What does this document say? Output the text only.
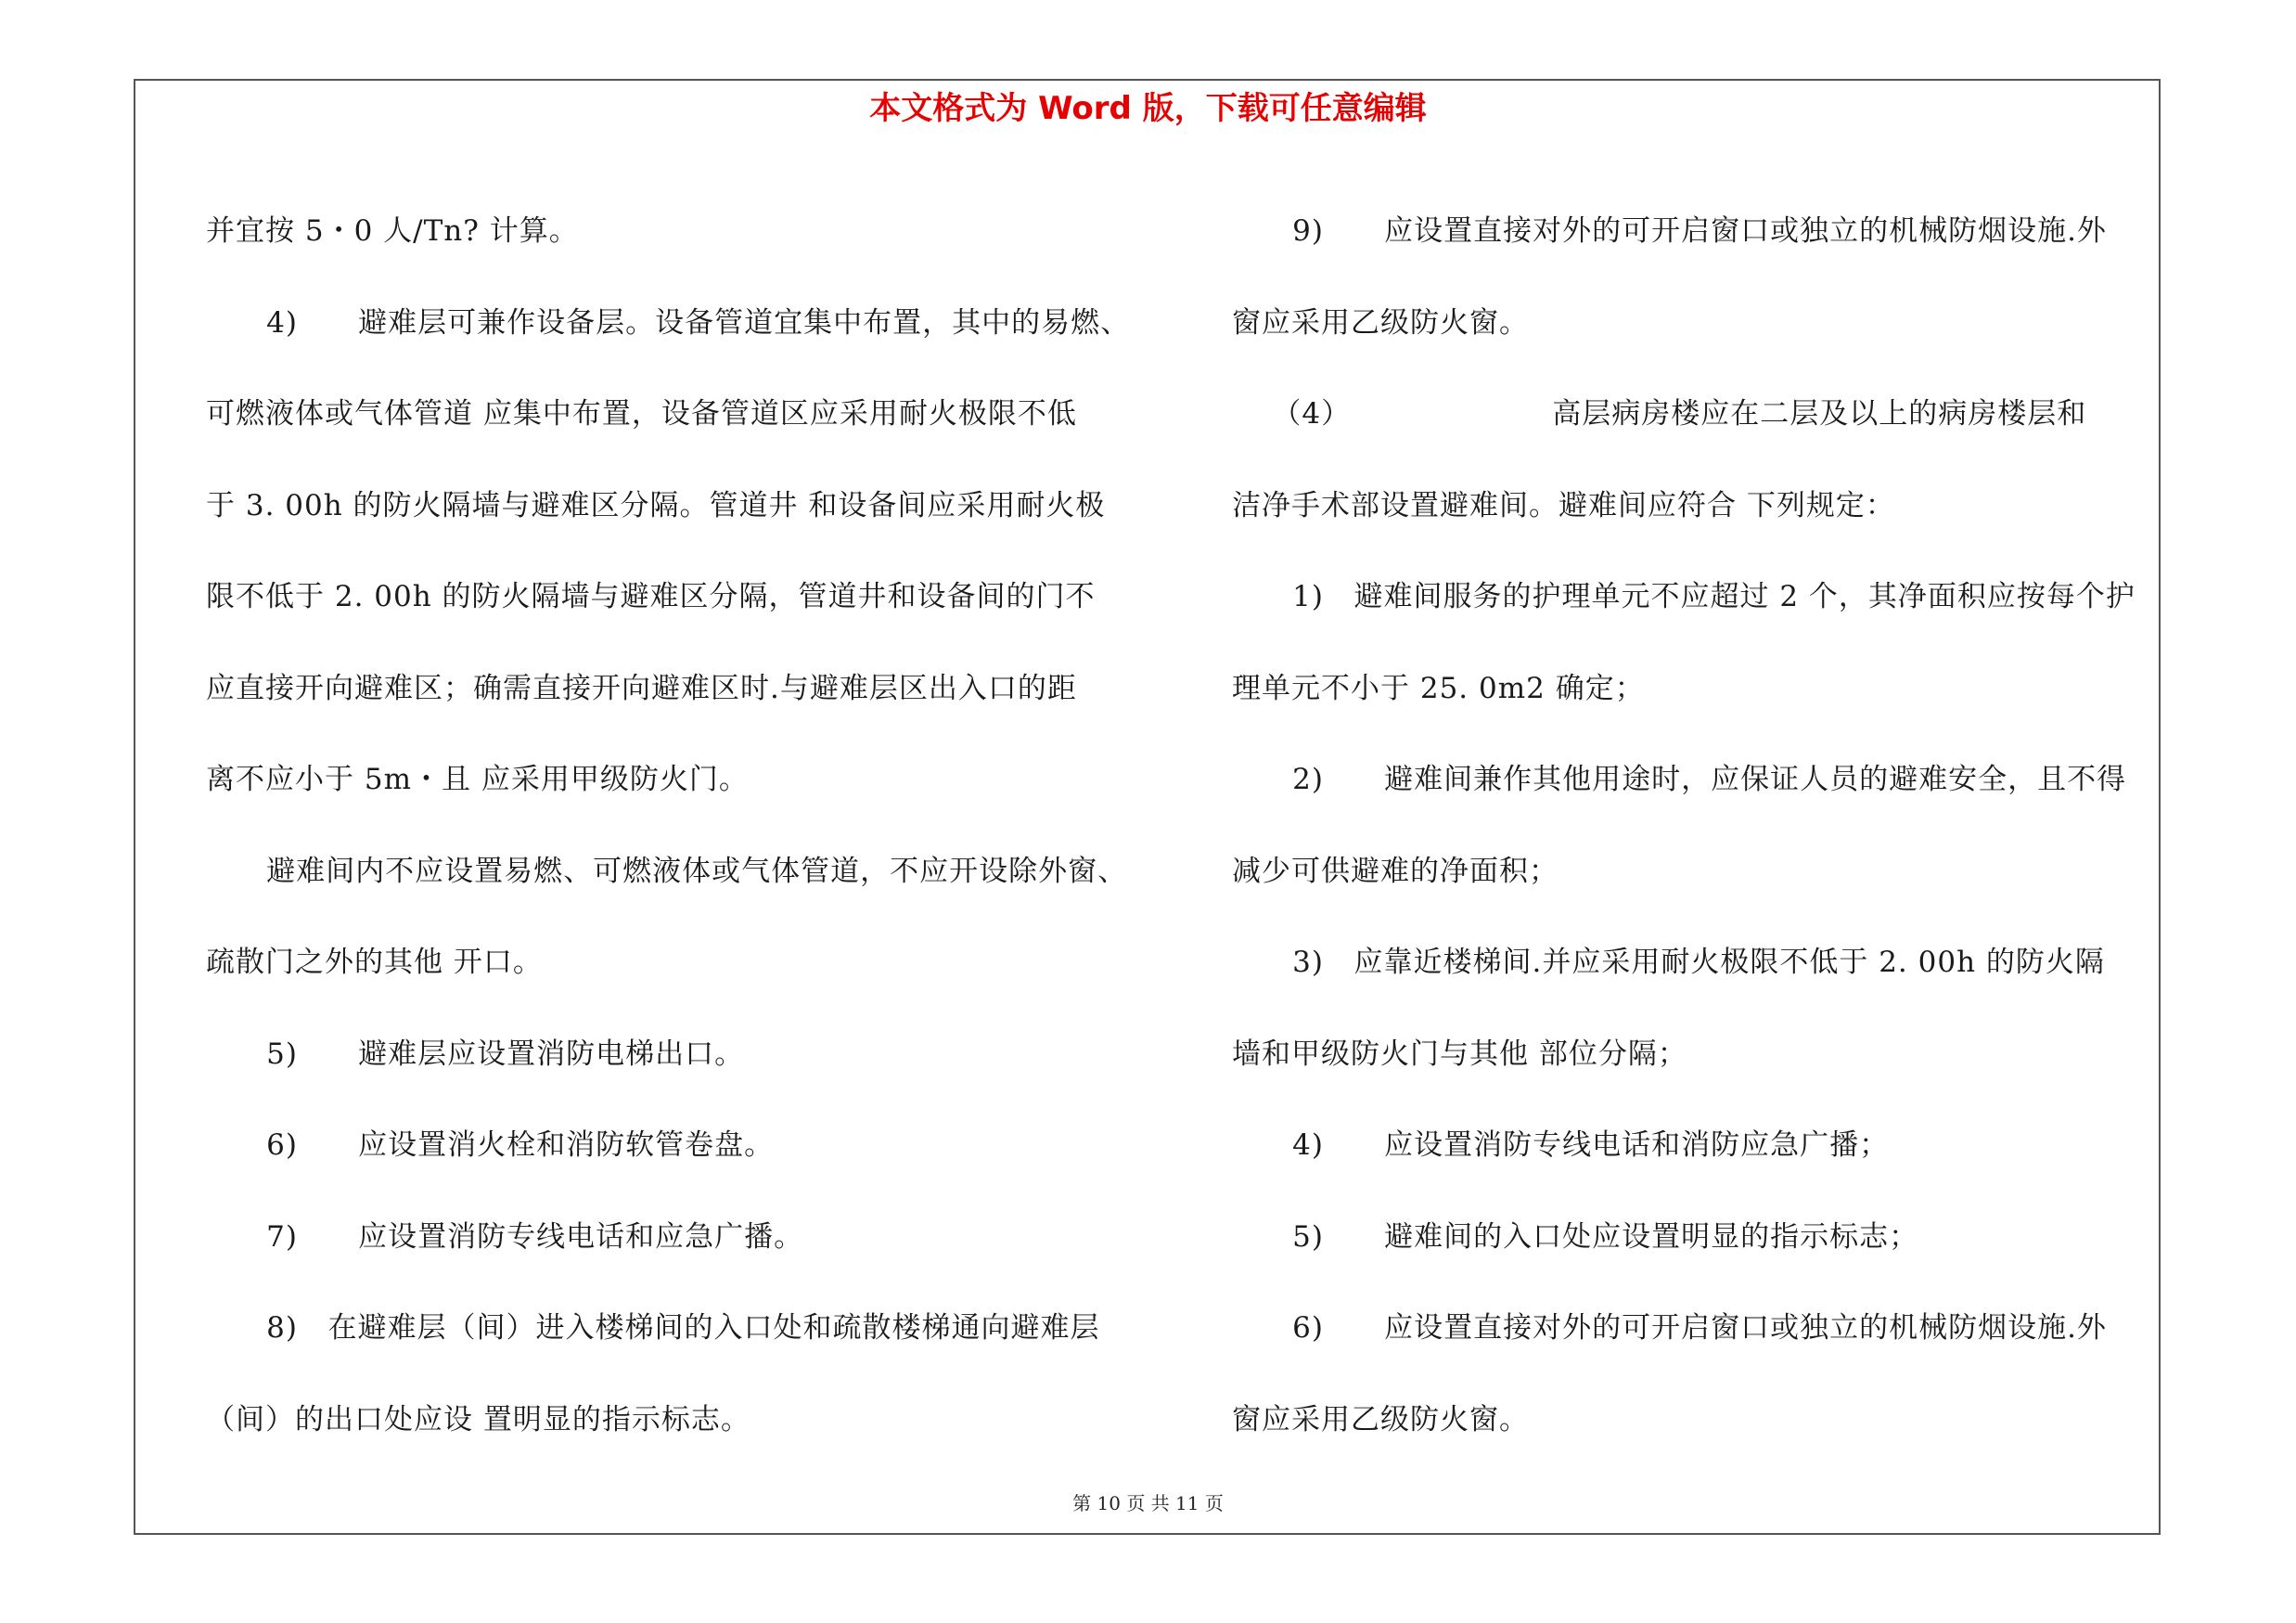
本文格式为 Word 版，下载可任意编辑
并宜按 5・0 人/Tn? 计算。
4)      避难层可兼作设备层。设备管道宜集中布置，其中的易燃、
可燃液体或气体管道 应集中布置，设备管道区应采用耐火极限不低
于 3. 00h 的防火隔墙与避难区分隔。管道井 和设备间应采用耐火极
限不低于 2. 00h 的防火隔墙与避难区分隔，管道井和设备间的门不
应直接开向避难区；确需直接开向避难区时.与避难层区出入口的距
离不应小于 5m・且 应采用甲级防火门。
避难间内不应设置易燃、可燃液体或气体管道，不应开设除外窗、
疏散门之外的其他 开口。
5)      避难层应设置消防电梯出口。
6)      应设置消火栓和消防软管卷盘。
7)      应设置消防专线电话和应急广播。
8)   在避难层（间）进入楼梯间的入口处和疏散楼梯通向避难层
（间）的出口处应设 置明显的指示标志。
9)      应设置直接对外的可开启窗口或独立的机械防烟设施.外
窗应采用乙级防火窗。
（4）                    高层病房楼应在二层及以上的病房楼层和
洁净手术部设置避难间。避难间应符合 下列规定：
1)   避难间服务的护理单元不应超过 2 个，其净面积应按每个护
理单元不小于 25. 0m2 确定；
2)      避难间兼作其他用途时，应保证人员的避难安全，且不得
减少可供避难的净面积；
3)   应靠近楼梯间.并应采用耐火极限不低于 2. 00h 的防火隔
墙和甲级防火门与其他 部位分隔；
4)      应设置消防专线电话和消防应急广播；
5)      避难间的入口处应设置明显的指示标志；
6)      应设置直接对外的可开启窗口或独立的机械防烟设施.外
窗应采用乙级防火窗。
第 10 页 共 11 页
